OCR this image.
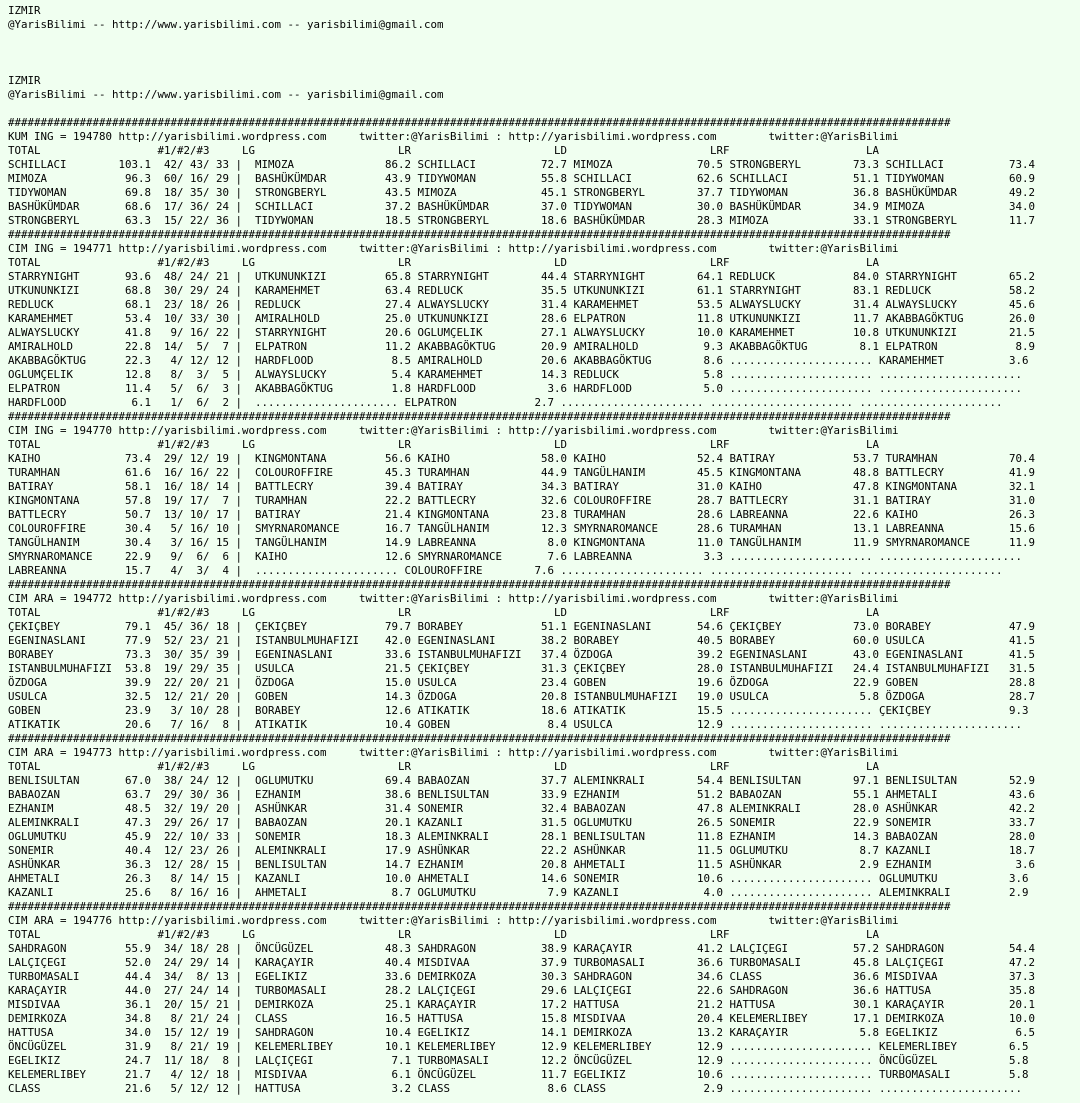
IZMIR
@YarisBilimi -- http://www.yarisbilimi.com -- yarisbilimi@gmail.com
IZMIR
@YarisBilimi -- http://www.yarisbilimi.com -- yarisbilimi@gmail.com
#################################################################################################################################################
KUM ING = 194780 http://yarisbilimi.wordpress.com     twitter:@YarisBilimi : http://yarisbilimi.wordpress.com        twitter:@YarisBilimi
TOTAL                  #1/#2/#3     LG                      LR                      LD                      LRF                     LA
SCHILLACI        103.1  42/ 43/ 33 |  MIMOZA              86.2 SCHILLACI          72.7 MIMOZA             70.5 STRONGBERYL        73.3 SCHILLACI          73.4
MIMOZA            96.3  60/ 16/ 29 |  BASHÜKÜMDAR         43.9 TIDYWOMAN          55.8 SCHILLACI          62.6 SCHILLACI          51.1 TIDYWOMAN          60.9
TIDYWOMAN         69.8  18/ 35/ 30 |  STRONGBERYL         43.5 MIMOZA             45.1 STRONGBERYL        37.7 TIDYWOMAN          36.8 BASHÜKÜMDAR        49.2
BASHÜKÜMDAR       68.6  17/ 36/ 24 |  SCHILLACI           37.2 BASHÜKÜMDAR        37.0 TIDYWOMAN          30.0 BASHÜKÜMDAR        34.9 MIMOZA             34.0
STRONGBERYL       63.3  15/ 22/ 36 |  TIDYWOMAN           18.5 STRONGBERYL        18.6 BASHÜKÜMDAR        28.3 MIMOZA             33.1 STRONGBERYL        11.7
#################################################################################################################################################
CIM ING = 194771 http://yarisbilimi.wordpress.com     twitter:@YarisBilimi : http://yarisbilimi.wordpress.com        twitter:@YarisBilimi
TOTAL                  #1/#2/#3     LG                      LR                      LD                      LRF                     LA
STARRYNIGHT       93.6  48/ 24/ 21 |  UTKUNUNKIZI         65.8 STARRYNIGHT        44.4 STARRYNIGHT        64.1 REDLUCK            84.0 STARRYNIGHT        65.2
UTKUNUNKIZI       68.8  30/ 29/ 24 |  KARAMEHMET          63.4 REDLUCK            35.5 UTKUNUNKIZI        61.1 STARRYNIGHT        83.1 REDLUCK            58.2
REDLUCK           68.1  23/ 18/ 26 |  REDLUCK             27.4 ALWAYSLUCKY        31.4 KARAMEHMET         53.5 ALWAYSLUCKY        31.4 ALWAYSLUCKY        45.6
KARAMEHMET        53.4  10/ 33/ 30 |  AMIRALHOLD          25.0 UTKUNUNKIZI        28.6 ELPATRON           11.8 UTKUNUNKIZI        11.7 AKABBAGÖKTUG       26.0
ALWAYSLUCKY       41.8   9/ 16/ 22 |  STARRYNIGHT         20.6 OGLUMÇELIK         27.1 ALWAYSLUCKY        10.0 KARAMEHMET         10.8 UTKUNUNKIZI        21.5
AMIRALHOLD        22.8  14/  5/  7 |  ELPATRON            11.2 AKABBAGÖKTUG       20.9 AMIRALHOLD          9.3 AKABBAGÖKTUG        8.1 ELPATRON            8.9
AKABBAGÖKTUG      22.3   4/ 12/ 12 |  HARDFLOOD            8.5 AMIRALHOLD         20.6 AKABBAGÖKTUG        8.6 ...................... KARAMEHMET          3.6
OGLUMÇELIK        12.8   8/  3/  5 |  ALWAYSLUCKY          5.4 KARAMEHMET         14.3 REDLUCK             5.8 ...................... ......................
ELPATRON          11.4   5/  6/  3 |  AKABBAGÖKTUG         1.8 HARDFLOOD           3.6 HARDFLOOD           5.0 ...................... ......................
HARDFLOOD          6.1   1/  6/  2 |  ...................... ELPATRON            2.7 ...................... ...................... ......................
#################################################################################################################################################
CIM ING = 194770 http://yarisbilimi.wordpress.com     twitter:@YarisBilimi : http://yarisbilimi.wordpress.com        twitter:@YarisBilimi
TOTAL                  #1/#2/#3     LG                      LR                      LD                      LRF                     LA
KAIHO             73.4  29/ 12/ 19 |  KINGMONTANA         56.6 KAIHO              58.0 KAIHO              52.4 BATIRAY            53.7 TURAMHAN           70.4
TURAMHAN          61.6  16/ 16/ 22 |  COLOUROFFIRE        45.3 TURAMHAN           44.9 TANGÜLHANIM        45.5 KINGMONTANA        48.8 BATTLECRY          41.9
BATIRAY           58.1  16/ 18/ 14 |  BATTLECRY           39.4 BATIRAY            34.3 BATIRAY            31.0 KAIHO              47.8 KINGMONTANA        32.1
KINGMONTANA       57.8  19/ 17/  7 |  TURAMHAN            22.2 BATTLECRY          32.6 COLOUROFFIRE       28.7 BATTLECRY          31.1 BATIRAY            31.0
BATTLECRY         50.7  13/ 10/ 17 |  BATIRAY             21.4 KINGMONTANA        23.8 TURAMHAN           28.6 LABREANNA          22.6 KAIHO              26.3
COLOUROFFIRE      30.4   5/ 16/ 10 |  SMYRNAROMANCE       16.7 TANGÜLHANIM        12.3 SMYRNAROMANCE      28.6 TURAMHAN           13.1 LABREANNA          15.6
TANGÜLHANIM       30.4   3/ 16/ 15 |  TANGÜLHANIM         14.9 LABREANNA           8.0 KINGMONTANA        11.0 TANGÜLHANIM        11.9 SMYRNAROMANCE      11.9
SMYRNAROMANCE     22.9   9/  6/  6 |  KAIHO               12.6 SMYRNAROMANCE       7.6 LABREANNA           3.3 ...................... ......................
LABREANNA         15.7   4/  3/  4 |  ...................... COLOUROFFIRE        7.6 ...................... ...................... ......................
#################################################################################################################################################
CIM ARA = 194772 http://yarisbilimi.wordpress.com     twitter:@YarisBilimi : http://yarisbilimi.wordpress.com        twitter:@YarisBilimi
TOTAL                  #1/#2/#3     LG                      LR                      LD                      LRF                     LA
ÇEKIÇBEY          79.1  45/ 36/ 18 |  ÇEKIÇBEY            79.7 BORABEY            51.1 EGENINASLANI       54.6 ÇEKIÇBEY           73.0 BORABEY            47.9
EGENINASLANI      77.9  52/ 23/ 21 |  ISTANBULMUHAFIZI    42.0 EGENINASLANI       38.2 BORABEY            40.5 BORABEY            60.0 USULCA             41.5
BORABEY           73.3  30/ 35/ 39 |  EGENINASLANI        33.6 ISTANBULMUHAFIZI   37.4 ÖZDOGA             39.2 EGENINASLANI       43.0 EGENINASLANI       41.5
ISTANBULMUHAFIZI  53.8  19/ 29/ 35 |  USULCA              21.5 ÇEKIÇBEY           31.3 ÇEKIÇBEY           28.0 ISTANBULMUHAFIZI   24.4 ISTANBULMUHAFIZI   31.5
ÖZDOGA            39.9  22/ 20/ 21 |  ÖZDOGA              15.0 USULCA             23.4 GOBEN              19.6 ÖZDOGA             22.9 GOBEN              28.8
USULCA            32.5  12/ 21/ 20 |  GOBEN               14.3 ÖZDOGA             20.8 ISTANBULMUHAFIZI   19.0 USULCA              5.8 ÖZDOGA             28.7
GOBEN             23.9   3/ 10/ 28 |  BORABEY             12.6 ATIKATIK           18.6 ATIKATIK           15.5 ...................... ÇEKIÇBEY            9.3
ATIKATIK          20.6   7/ 16/  8 |  ATIKATIK            10.4 GOBEN               8.4 USULCA             12.9 ...................... ......................
#################################################################################################################################################
CIM ARA = 194773 http://yarisbilimi.wordpress.com     twitter:@YarisBilimi : http://yarisbilimi.wordpress.com        twitter:@YarisBilimi
TOTAL                  #1/#2/#3     LG                      LR                      LD                      LRF                     LA
BENLISULTAN       67.0  38/ 24/ 12 |  OGLUMUTKU           69.4 BABAOZAN           37.7 ALEMINKRALI        54.4 BENLISULTAN        97.1 BENLISULTAN        52.9
BABAOZAN          63.7  29/ 30/ 36 |  EZHANIM             38.6 BENLISULTAN        33.9 EZHANIM            51.2 BABAOZAN           55.1 AHMETALI           43.6
EZHANIM           48.5  32/ 19/ 20 |  ASHÜNKAR            31.4 SONEMIR            32.4 BABAOZAN           47.8 ALEMINKRALI        28.0 ASHÜNKAR           42.2
ALEMINKRALI       47.3  29/ 26/ 17 |  BABAOZAN            20.1 KAZANLI            31.5 OGLUMUTKU          26.5 SONEMIR            22.9 SONEMIR            33.7
OGLUMUTKU         45.9  22/ 10/ 33 |  SONEMIR             18.3 ALEMINKRALI        28.1 BENLISULTAN        11.8 EZHANIM            14.3 BABAOZAN           28.0
SONEMIR           40.4  12/ 23/ 26 |  ALEMINKRALI         17.9 ASHÜNKAR           22.2 ASHÜNKAR           11.5 OGLUMUTKU           8.7 KAZANLI            18.7
ASHÜNKAR          36.3  12/ 28/ 15 |  BENLISULTAN         14.7 EZHANIM            20.8 AHMETALI           11.5 ASHÜNKAR            2.9 EZHANIM             3.6
AHMETALI          26.3   8/ 14/ 15 |  KAZANLI             10.0 AHMETALI           14.6 SONEMIR            10.6 ...................... OGLUMUTKU           3.6
KAZANLI           25.6   8/ 16/ 16 |  AHMETALI             8.7 OGLUMUTKU           7.9 KAZANLI             4.0 ...................... ALEMINKRALI         2.9
#################################################################################################################################################
CIM ARA = 194776 http://yarisbilimi.wordpress.com     twitter:@YarisBilimi : http://yarisbilimi.wordpress.com        twitter:@YarisBilimi
TOTAL                  #1/#2/#3     LG                      LR                      LD                      LRF                     LA
SAHDRAGON         55.9  34/ 18/ 28 |  ÖNCÜGÜZEL           48.3 SAHDRAGON          38.9 KARAÇAYIR          41.2 LALÇIÇEGI          57.2 SAHDRAGON          54.4
LALÇIÇEGI         52.0  24/ 29/ 14 |  KARAÇAYIR           40.4 MISDIVAA           37.9 TURBOMASALI        36.6 TURBOMASALI        45.8 LALÇIÇEGI          47.2
TURBOMASALI       44.4  34/  8/ 13 |  EGELIKIZ            33.6 DEMIRKOZA          30.3 SAHDRAGON          34.6 CLASS              36.6 MISDIVAA           37.3
KARAÇAYIR         44.0  27/ 24/ 14 |  TURBOMASALI         28.2 LALÇIÇEGI          29.6 LALÇIÇEGI          22.6 SAHDRAGON          36.6 HATTUSA            35.8
MISDIVAA          36.1  20/ 15/ 21 |  DEMIRKOZA           25.1 KARAÇAYIR          17.2 HATTUSA            21.2 HATTUSA            30.1 KARAÇAYIR          20.1
DEMIRKOZA         34.8   8/ 21/ 24 |  CLASS               16.5 HATTUSA            15.8 MISDIVAA           20.4 KELEMERLIBEY       17.1 DEMIRKOZA          10.0
HATTUSA           34.0  15/ 12/ 19 |  SAHDRAGON           10.4 EGELIKIZ           14.1 DEMIRKOZA          13.2 KARAÇAYIR           5.8 EGELIKIZ            6.5
ÖNCÜGÜZEL         31.9   8/ 21/ 19 |  KELEMERLIBEY        10.1 KELEMERLIBEY       12.9 KELEMERLIBEY       12.9 ...................... KELEMERLIBEY        6.5
EGELIKIZ          24.7  11/ 18/  8 |  LALÇIÇEGI            7.1 TURBOMASALI        12.2 ÖNCÜGÜZEL          12.9 ...................... ÖNCÜGÜZEL           5.8
KELEMERLIBEY      21.7   4/ 12/ 18 |  MISDIVAA             6.1 ÖNCÜGÜZEL          11.7 EGELIKIZ           10.6 ...................... TURBOMASALI         5.8
CLASS             21.6   5/ 12/ 12 |  HATTUSA              3.2 CLASS               8.6 CLASS               2.9 ...................... ......................
